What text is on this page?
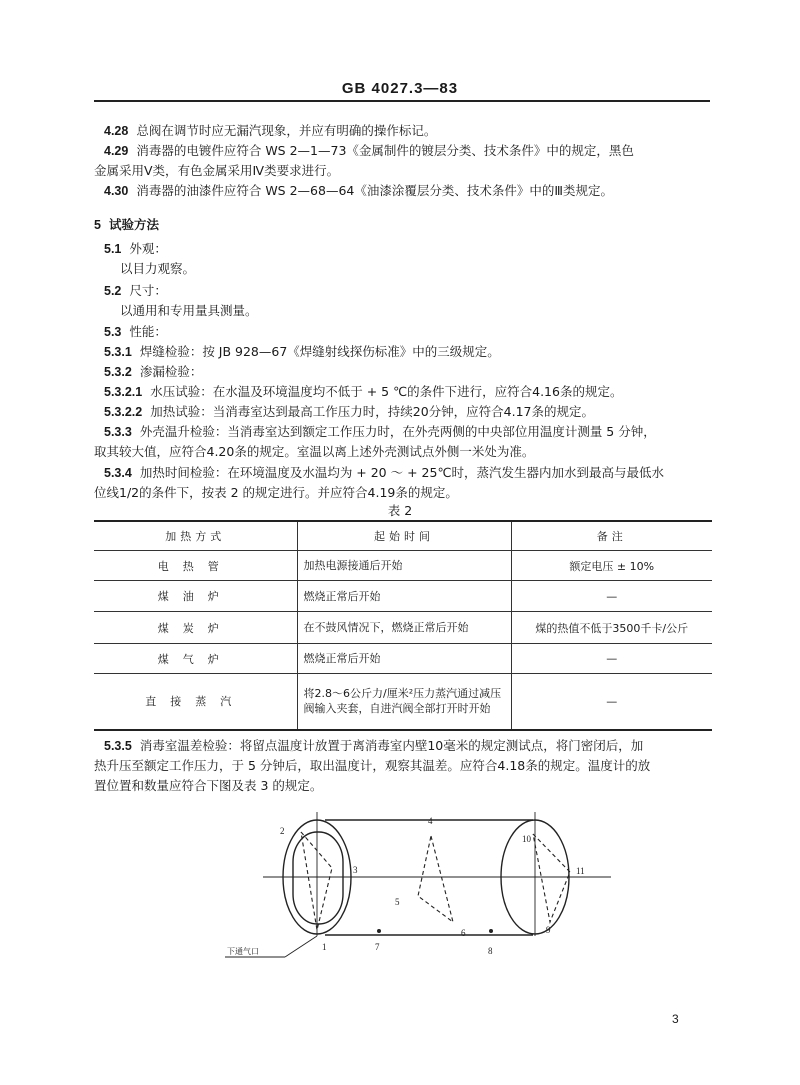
GB 4027.3—83
4.28 总阀在调节时应无漏汽现象，并应有明确的操作标记。
4.29 消毒器的电镀件应符合 WS 2—1—73《金属制件的镀层分类、技术条件》中的规定，黑色
金属采用Ⅴ类，有色金属采用Ⅳ类要求进行。
4.30 消毒器的油漆件应符合 WS 2—68—64《油漆涂覆层分类、技术条件》中的Ⅲ类规定。
5 试验方法
5.1 外观：
以目力观察。
5.2 尺寸：
以通用和专用量具测量。
5.3 性能：
5.3.1 焊缝检验：按 JB 928—67《焊缝射线探伤标准》中的三级规定。
5.3.2 渗漏检验：
5.3.2.1 水压试验：在水温及环境温度均不低于 + 5 ℃的条件下进行，应符合4.16条的规定。
5.3.2.2 加热试验：当消毒室达到最高工作压力时，持续20分钟，应符合4.17条的规定。
5.3.3 外壳温升检验：当消毒室达到额定工作压力时，在外壳两侧的中央部位用温度计测量 5 分钟，
取其较大值，应符合4.20条的规定。室温以离上述外壳测试点外侧一米处为准。
5.3.4 加热时间检验：在环境温度及水温均为 + 20 ～ + 25℃时，蒸汽发生器内加水到最高与最低水
位线1/2的条件下，按表 2 的规定进行。并应符合4.19条的规定。
表 2
加热方式	起始时间	备注
电热管	加热电源接通后开始	额定电压 ± 10%
煤油炉	燃烧正常后开始	—
煤炭炉	在不鼓风情况下，燃烧正常后开始	煤的热值不低于3500千卡/公斤
煤气炉	燃烧正常后开始	—
直接蒸汽	将2.8～6公斤力/厘米²压力蒸汽通过减压阀输入夹套，自进汽阀全部打开时开始	—
5.3.5 消毒室温差检验：将留点温度计放置于离消毒室内壁10毫米的规定测试点，将门密闭后，加
热升压至额定工作压力，于 5 分钟后，取出温度计，观察其温差。应符合4.18条的规定。温度计的放
置位置和数量应符合下图及表 3 的规定。
1
2
3
4
5
6
7	8
9
10
11
下通气口
3
